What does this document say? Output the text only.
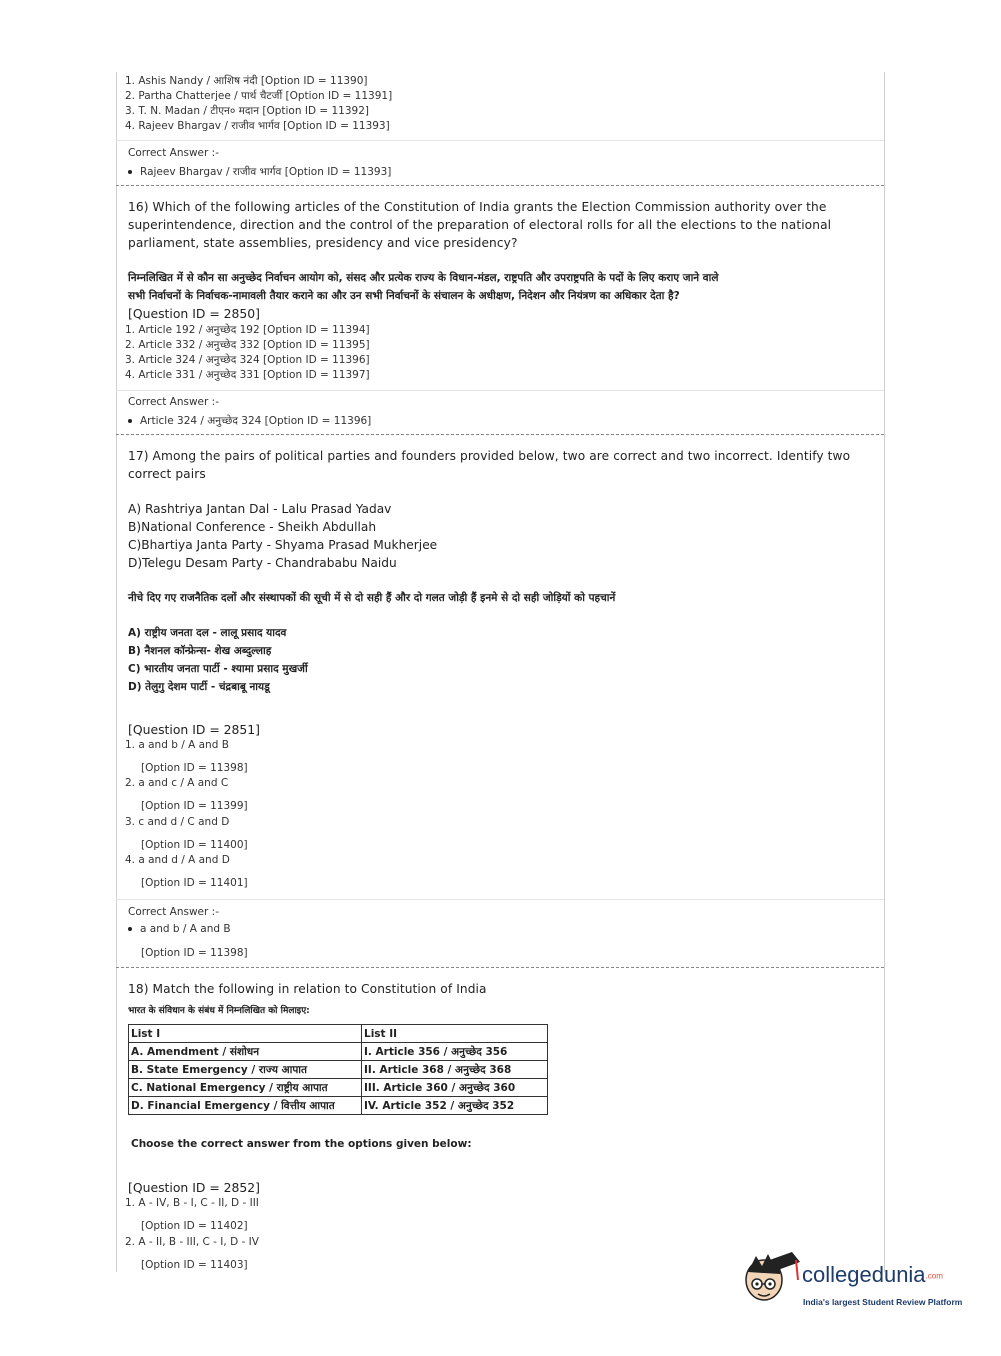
1. Ashis Nandy / आशिष नंदी [Option ID = 11390]
2. Partha Chatterjee / पार्थ चैटर्जी [Option ID = 11391]
3. T. N. Madan / टीएन० मदान [Option ID = 11392]
4. Rajeev Bhargav / राजीव भार्गव [Option ID = 11393]
Correct Answer :-
Rajeev Bhargav / राजीव भार्गव [Option ID = 11393]
16) Which of the following articles of the Constitution of India grants the Election Commission authority over the
superintendence, direction and the control of the preparation of electoral rolls for all the elections to the national
parliament, state assemblies, presidency and vice presidency?
निम्नलिखित में से कौन सा अनुच्छेद निर्वाचन आयोग को, संसद और प्रत्येक राज्य के विधान-मंडल, राष्ट्रपति और उपराष्ट्रपति के पदों के लिए कराए जाने वाले
सभी निर्वाचनों के निर्वाचक-नामावली तैयार कराने का और उन सभी निर्वाचनों के संचालन के अधीक्षण, निदेशन और नियंत्रण का अधिकार देता है?
[Question ID = 2850]
1. Article 192 / अनुच्छेद 192 [Option ID = 11394]
2. Article 332 / अनुच्छेद 332 [Option ID = 11395]
3. Article 324 / अनुच्छेद 324 [Option ID = 11396]
4. Article 331 / अनुच्छेद 331 [Option ID = 11397]
Correct Answer :-
Article 324 / अनुच्छेद 324 [Option ID = 11396]
17) Among the pairs of political parties and founders provided below, two are correct and two incorrect. Identify two
correct pairs
A) Rashtriya Jantan Dal - Lalu Prasad Yadav
B)National Conference - Sheikh Abdullah
C)Bhartiya Janta Party - Shyama Prasad Mukherjee
D)Telegu Desam Party - Chandrababu Naidu
नीचे दिए गए राजनैतिक दलों और संस्थापकों की सूची में से दो सही हैं और दो गलत जोड़ी हैं इनमे से दो सही जोड़ियों को पहचानें
A) राष्ट्रीय जनता दल - लालू प्रसाद यादव
B) नैशनल कॉन्फ्रेन्स- शेख अब्दुल्लाह
C) भारतीय जनता पार्टी - श्यामा प्रसाद मुखर्जी
D) तेलुगु देशम पार्टी - चंद्रबाबू नायडू
[Question ID = 2851]
1. a and b / A and B
[Option ID = 11398]
2. a and c / A and C
[Option ID = 11399]
3. c and d / C and D
[Option ID = 11400]
4. a and d / A and D
[Option ID = 11401]
Correct Answer :-
a and b / A and B
[Option ID = 11398]
18) Match the following in relation to Constitution of India
भारत के संविधान के संबंध में निम्नलिखित को मिलाइए:
List I	List II
A. Amendment / संशोधन	I. Article 356 / अनुच्छेद 356
B. State Emergency / राज्य आपात	II. Article 368 / अनुच्छेद 368
C. National Emergency / राष्ट्रीय आपात	III. Article 360 / अनुच्छेद 360
D. Financial Emergency / वित्तीय आपात	IV. Article 352 / अनुच्छेद 352
Choose the correct answer from the options given below:
[Question ID = 2852]
1. A - IV, B - I, C - II, D - III
[Option ID = 11402]
2. A - II, B - III, C - I, D - IV
[Option ID = 11403]	collegedunia.com
India's largest Student Review Platform
